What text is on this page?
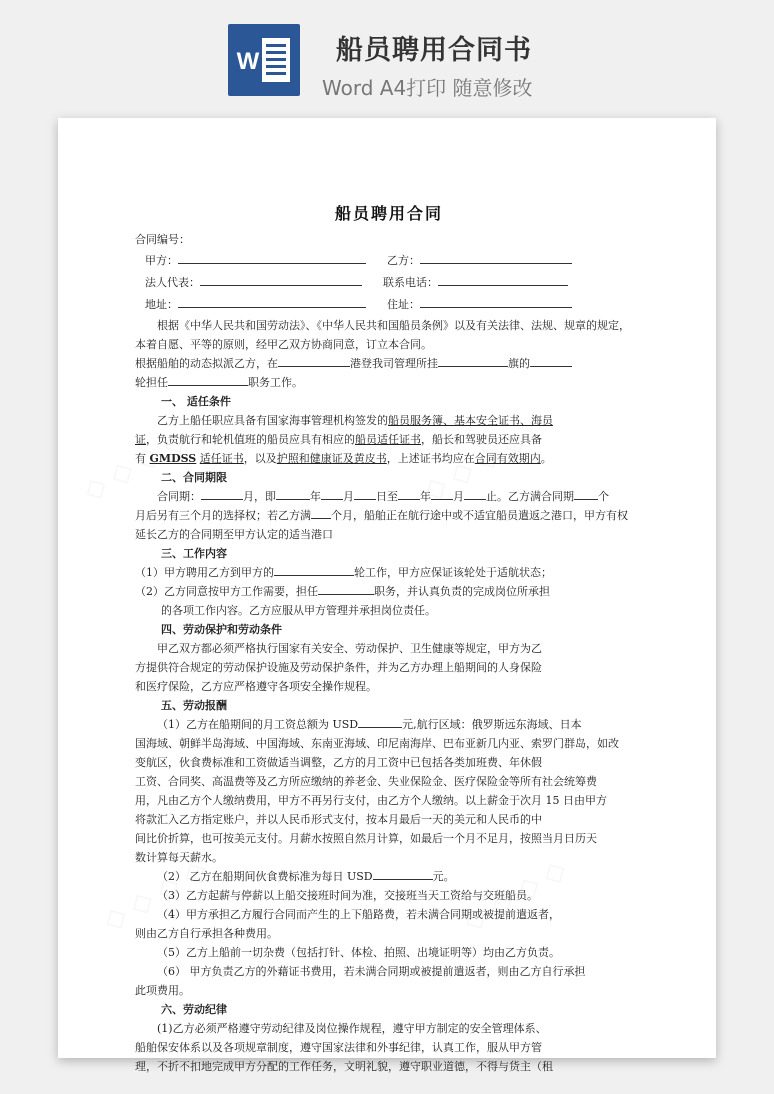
W	船员聘用合同书
Word A4打印 随意修改
船员聘用合同
合同编号：
甲方：	乙方：
法人代表：	联系电话：
地址：	住址：
根据《中华人民共和国劳动法》、《中华人民共和国船员条例》以及有关法律、法规、规章的规定，
本着自愿、平等的原则，经甲乙双方协商同意，订立本合同。
根据船舶的动态拟派乙方，在	港登我司管理所挂	旗的
轮担任	职务工作。
一、 适任条件
乙方上船任职应具备有国家海事管理机构签发的船员服务簿、基本安全证书、海员
证，负责航行和轮机值班的船员应具有相应的船员适任证书，船长和驾驶员还应具备
有 GMDSS 适任证书，以及护照和健康证及黄皮书，上述证书均应在合同有效期内。
二、合同期限
合同期：	月，即	年 月 日至 年 月 止。乙方满合同期 个
月后另有三个月的选择权；若乙方满 个月，船舶正在航行途中或不适宜船员遣返之港口，甲方有权
延长乙方的合同期至甲方认定的适当港口
三、工作内容
（1）甲方聘用乙方到甲方的	轮工作，甲方应保证该轮处于适航状态；
（2）乙方同意按甲方工作需要，担任	职务，并认真负责的完成岗位所承担
的各项工作内容。乙方应服从甲方管理并承担岗位责任。
四、劳动保护和劳动条件
甲乙双方都必须严格执行国家有关安全、劳动保护、卫生健康等规定，甲方为乙
方提供符合规定的劳动保护设施及劳动保护条件，并为乙方办理上船期间的人身保险
和医疗保险，乙方应严格遵守各项安全操作规程。
五、劳动报酬
（1）乙方在船期间的月工资总额为 USD	元,航行区域：俄罗斯远东海域、日本
国海域、朝鲜半岛海域、中国海域、东南亚海域、印尼南海岸、巴布亚新几内亚、索罗门群岛，如改
变航区，伙食费标准和工资做适当调整，乙方的月工资中已包括各类加班费、年休假
工资、合同奖、高温费等及乙方所应缴纳的养老金、失业保险金、医疗保险金等所有社会统筹费
用，凡由乙方个人缴纳费用，甲方不再另行支付，由乙方个人缴纳。以上薪金于次月 15 日由甲方
将款汇入乙方指定账户，并以人民币形式支付，按本月最后一天的美元和人民币的中
间比价折算，也可按美元支付。月薪水按照自然月计算，如最后一个月不足月，按照当月日历天
数计算每天薪水。
（2） 乙方在船期间伙食费标准为每日 USD	元。
（3）乙方起薪与停薪以上船交接班时间为准，交接班当天工资给与交班船员。
（4）甲方承担乙方履行合同而产生的上下船路费，若未满合同期或被提前遣返者，
则由乙方自行承担各种费用。
（5）乙方上船前一切杂费（包括打针、体检、拍照、出境证明等）均由乙方负责。
（6） 甲方负责乙方的外藉证书费用，若未满合同期或被提前遣返者，则由乙方自行承担
此项费用。
六、劳动纪律
(1)乙方必须严格遵守劳动纪律及岗位操作规程，遵守甲方制定的安全管理体系、
船舶保安体系以及各项规章制度，遵守国家法律和外事纪律，认真工作，服从甲方管
理，不折不扣地完成甲方分配的工作任务，文明礼貌，遵守职业道德，不得与货主（租
